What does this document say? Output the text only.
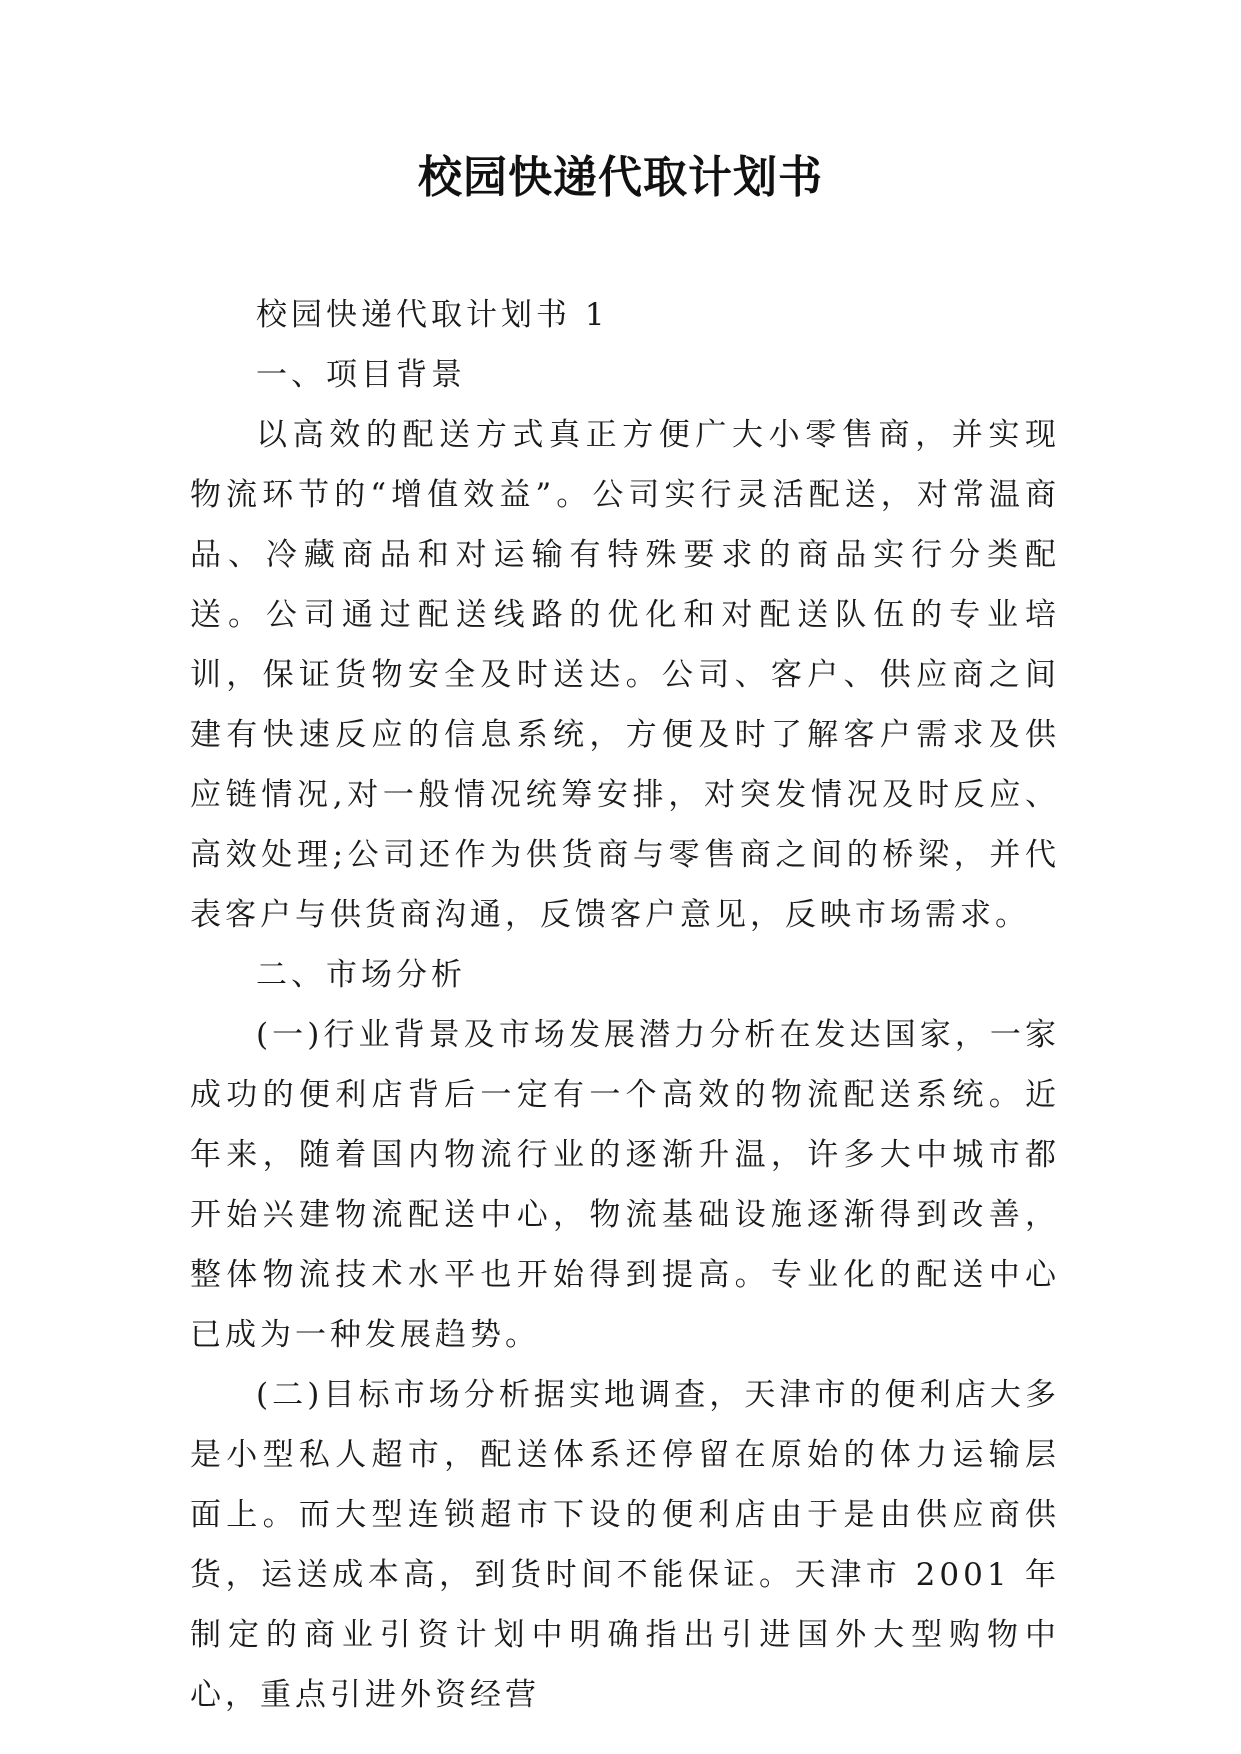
校园快递代取计划书

校园快递代取计划书 1

一、项目背景

以高效的配送方式真正方便广大小零售商，并实现物流环节的“增值效益”。公司实行灵活配送，对常温商品、冷藏商品和对运输有特殊要求的商品实行分类配送。公司通过配送线路的优化和对配送队伍的专业培训，保证货物安全及时送达。公司、客户、供应商之间建有快速反应的信息系统，方便及时了解客户需求及供应链情况,对一般情况统筹安排，对突发情况及时反应、高效处理;公司还作为供货商与零售商之间的桥梁，并代表客户与供货商沟通，反馈客户意见，反映市场需求。

二、市场分析

(一)行业背景及市场发展潜力分析在发达国家，一家成功的便利店背后一定有一个高效的物流配送系统。近年来，随着国内物流行业的逐渐升温，许多大中城市都开始兴建物流配送中心，物流基础设施逐渐得到改善，整体物流技术水平也开始得到提高。专业化的配送中心已成为一种发展趋势。

(二)目标市场分析据实地调查，天津市的便利店大多是小型私人超市，配送体系还停留在原始的体力运输层面上。而大型连锁超市下设的便利店由于是由供应商供货，运送成本高，到货时间不能保证。天津市 2001 年制定的商业引资计划中明确指出引进国外大型购物中心，重点引进外资经营
